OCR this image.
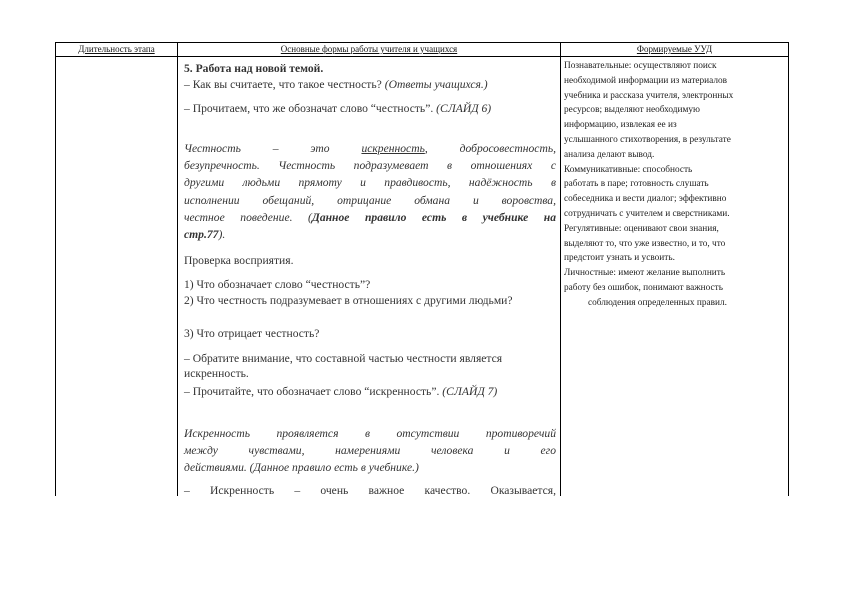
Длительность этапа	Основные формы работы учителя и учащихся	Формируемые УУД

5. Работа над новой темой.

– Как вы считаете, что такое честность? (Ответы учащихся.)

– Прочитаем, что же обозначат слово “честность”. (СЛАЙД 6)

Честность – это искренность, добросовестность,

безупречность. Честность подразумевает в отношениях с

другими людьми прямоту и правдивость, надёжность в

исполнении обещаний, отрицание обмана и воровства,

честное поведение. (Данное правило есть в учебнике на

стр.77).

Проверка восприятия.

1) Что обозначает слово “честность”?

2) Что честность подразумевает в отношениях с другими людьми?

3) Что отрицает честность?

– Обратите внимание, что составной частью честности является искренность.

– Прочитайте, что обозначает слово “искренность”. (СЛАЙД 7)

Искренность проявляется в отсутствии противоречий

между чувствами, намерениями человека и его

действиями. (Данное правило есть в учебнике.)

– Искренность – очень важное качество. Оказывается,

Познавательные: осуществляют поиск
необходимой информации из материалов
учебника и рассказа учителя, электронных
ресурсов; выделяют необходимую
информацию, извлекая ее из
услышанного стихотворения, в результате
анализа делают вывод.
Коммуникативные: способность
работать в паре; готовность слушать
собеседника и вести диалог; эффективно
сотрудничать с учителем и сверстниками.
Регулятивные: оценивают свои знания,
выделяют то, что уже известно, и то, что
предстоит узнать и усвоить.
Личностные: имеют желание выполнить
работу без ошибок, понимают важность
соблюдения определенных правил.
